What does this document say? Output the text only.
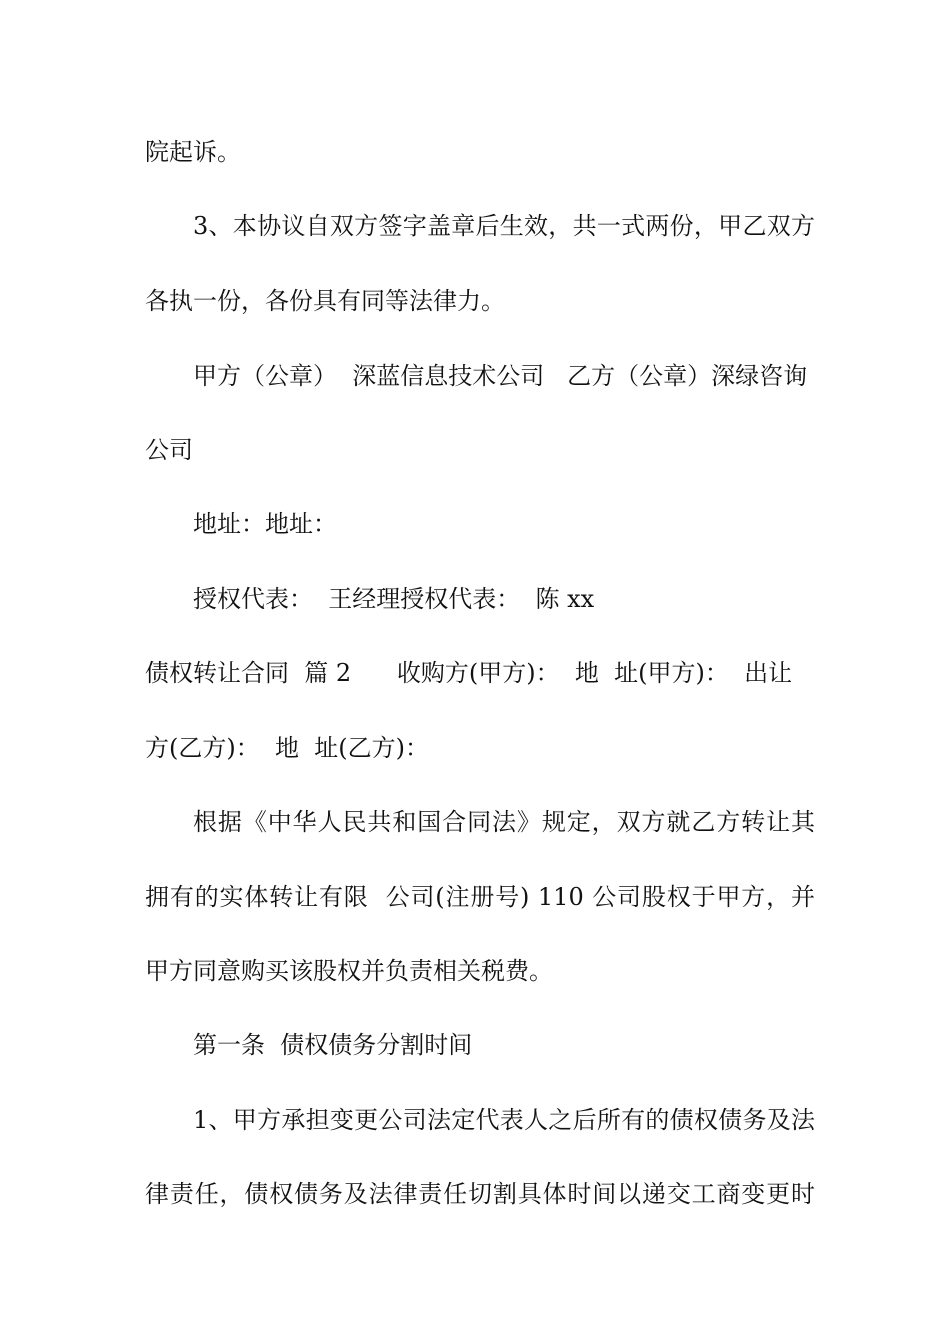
院起诉。
3、本协议自双方签字盖章后生效，共一式两份，甲乙双方
各执一份，各份具有同等法律力。
甲方（公章）  深蓝信息技术公司   乙方（公章）深绿咨询
公司
地址：地址：
授权代表：  王经理授权代表：  陈 xx
债权转让合同  篇 2      收购方(甲方)：  地  址(甲方)：  出让
方(乙方)：  地  址(乙方)：
根据《中华人民共和国合同法》规定，双方就乙方转让其
拥有的实体转让有限  公司(注册号) 110 公司股权于甲方，并
甲方同意购买该股权并负责相关税费。
第一条  债权债务分割时间
1、甲方承担变更公司法定代表人之后所有的债权债务及法
律责任，债权债务及法律责任切割具体时间以递交工商变更时
